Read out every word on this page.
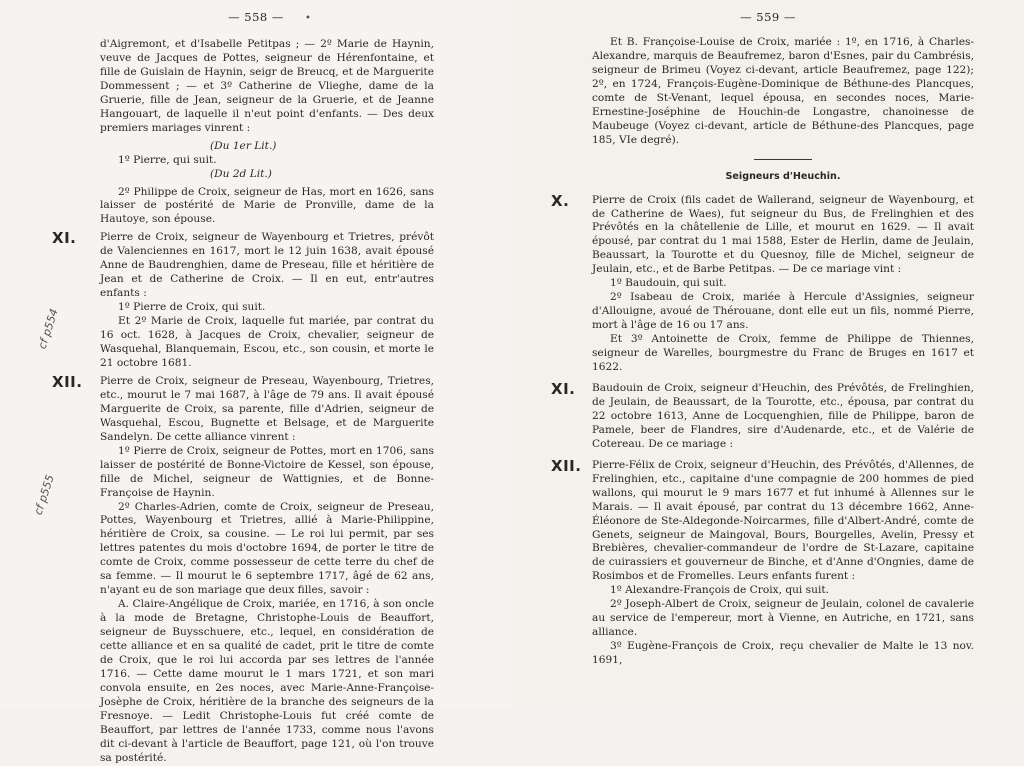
— 558 —	•
cf p554
cf p555

d'Aigremont, et d'Isabelle Petitpas ; — 2º Marie de Haynin, veuve de Jacques de Pottes, seigneur de Hérenfontaine, et fille de Guislain de Haynin, seigr de Breucq, et de Marguerite Dommessent ; — et 3º Catherine de Vlieghe, dame de la Gruerie, fille de Jean, seigneur de la Gruerie, et de Jeanne Hangouart, de laquelle il n'eut point d'enfants. — Des deux premiers mariages vinrent :

(Du 1er Lit.)

1º Pierre, qui suit.

(Du 2d Lit.)

2º Philippe de Croix, seigneur de Has, mort en 1626, sans laisser de postérité de Marie de Pronville, dame de la Hautoye, son épouse.

XI. Pierre de Croix, seigneur de Wayenbourg et Trietres, prévôt de Valenciennes en 1617, mort le 12 juin 1638, avait épousé Anne de Baudrenghien, dame de Preseau, fille et héritière de Jean et de Catherine de Croix. — Il en eut, entr'autres enfants :

1º Pierre de Croix, qui suit.

Et 2º Marie de Croix, laquelle fut mariée, par contrat du 16 oct. 1628, à Jacques de Croix, chevalier, seigneur de Wasquehal, Blanquemain, Escou, etc., son cousin, et morte le 21 octobre 1681.

XII. Pierre de Croix, seigneur de Preseau, Wayenbourg, Trietres, etc., mourut le 7 mai 1687, à l'âge de 79 ans. Il avait épousé Marguerite de Croix, sa parente, fille d'Adrien, seigneur de Wasquehal, Escou, Bugnette et Belsage, et de Marguerite Sandelyn. De cette alliance vinrent :

1º Pierre de Croix, seigneur de Pottes, mort en 1706, sans laisser de postérité de Bonne-Victoire de Kessel, son épouse, fille de Michel, seigneur de Wattignies, et de Bonne-Françoise de Haynin.

2º Charles-Adrien, comte de Croix, seigneur de Preseau, Pottes, Wayenbourg et Trietres, allié à Marie-Philippine, héritière de Croix, sa cousine. — Le roi lui permit, par ses lettres patentes du mois d'octobre 1694, de porter le titre de comte de Croix, comme possesseur de cette terre du chef de sa femme. — Il mourut le 6 septembre 1717, âgé de 62 ans, n'ayant eu de son mariage que deux filles, savoir :

A. Claire-Angélique de Croix, mariée, en 1716, à son oncle à la mode de Bretagne, Christophe-Louis de Beauffort, seigneur de Buysschuere, etc., lequel, en considération de cette alliance et en sa qualité de cadet, prit le titre de comte de Croix, que le roi lui accorda par ses lettres de l'année 1716. — Cette dame mourut le 1 mars 1721, et son mari convola ensuite, en 2es noces, avec Marie-Anne-Françoise-Josèphe de Croix, héritière de la branche des seigneurs de la Fresnoye. — Ledit Christophe-Louis fut créé comte de Beauffort, par lettres de l'année 1733, comme nous l'avons dit ci-devant à l'article de Beauffort, page 121, où l'on trouve sa postérité.

— 559 —

Et B. Françoise-Louise de Croix, mariée : 1º, en 1716, à Charles-Alexandre, marquis de Beaufremez, baron d'Esnes, pair du Cambrésis, seigneur de Brimeu (Voyez ci-devant, article Beaufremez, page 122); 2º, en 1724, François-Eugène-Dominique de Béthune-des Plancques, comte de St-Venant, lequel épousa, en secondes noces, Marie-Ernestine-Joséphine de Houchin-de Longastre, chanoinesse de Maubeuge (Voyez ci-devant, article de Béthune-des Plancques, page 185, VIe degré).

Seigneurs d'Heuchin.
X. Pierre de Croix (fils cadet de Wallerand, seigneur de Wayenbourg, et de Catherine de Waes), fut seigneur du Bus, de Frelinghien et des Prévôtés en la châtellenie de Lille, et mourut en 1629. — Il avait épousé, par contrat du 1 mai 1588, Ester de Herlin, dame de Jeulain, Beaussart, la Tourotte et du Quesnoy, fille de Michel, seigneur de Jeulain, etc., et de Barbe Petitpas. — De ce mariage vint :

1º Baudouin, qui suit.

2º Isabeau de Croix, mariée à Hercule d'Assignies, seigneur d'Allouigne, avoué de Thérouane, dont elle eut un fils, nommé Pierre, mort à l'âge de 16 ou 17 ans.

Et 3º Antoinette de Croix, femme de Philippe de Thiennes, seigneur de Warelles, bourgmestre du Franc de Bruges en 1617 et 1622.

XI. Baudouin de Croix, seigneur d'Heuchin, des Prévôtés, de Frelinghien, de Jeulain, de Beaussart, de la Tourotte, etc., épousa, par contrat du 22 octobre 1613, Anne de Locquenghien, fille de Philippe, baron de Pamele, beer de Flandres, sire d'Audenarde, etc., et de Valérie de Cotereau. De ce mariage :

XII. Pierre-Félix de Croix, seigneur d'Heuchin, des Prévôtés, d'Allennes, de Frelinghien, etc., capitaine d'une compagnie de 200 hommes de pied wallons, qui mourut le 9 mars 1677 et fut inhumé à Allennes sur le Marais. — Il avait épousé, par contrat du 13 décembre 1662, Anne-Éléonore de Ste-Aldegonde-Noircarmes, fille d'Albert-André, comte de Genets, seigneur de Maingoval, Bours, Bourgelles, Avelin, Pressy et Brebières, chevalier-commandeur de l'ordre de St-Lazare, capitaine de cuirassiers et gouverneur de Binche, et d'Anne d'Ongnies, dame de Rosimbos et de Fromelles. Leurs enfants furent :

1º Alexandre-François de Croix, qui suit.

2º Joseph-Albert de Croix, seigneur de Jeulain, colonel de cavalerie au service de l'empereur, mort à Vienne, en Autriche, en 1721, sans alliance.

3º Eugène-François de Croix, reçu chevalier de Malte le 13 nov. 1691,
